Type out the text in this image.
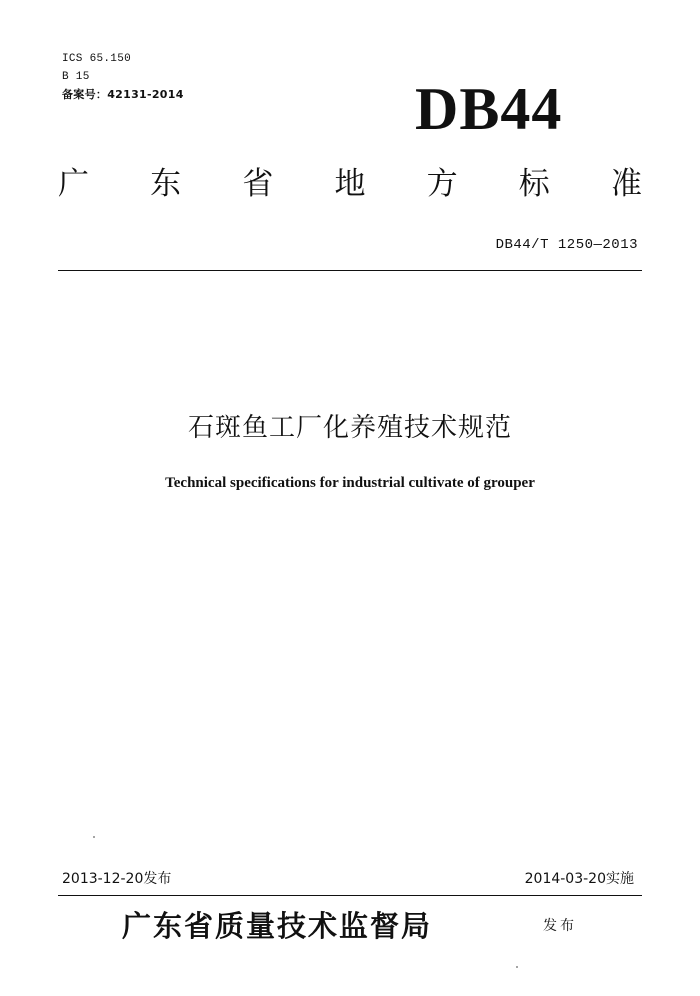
ICS 65.150
B 15
备案号：42131-2014	DB44
广 东 省 地 方 标 准
DB44/T 1250—2013
石斑鱼工厂化养殖技术规范
Technical specifications for industrial cultivate of grouper
2013-12-20发布	2014-03-20实施
广东省质量技术监督局	发布
